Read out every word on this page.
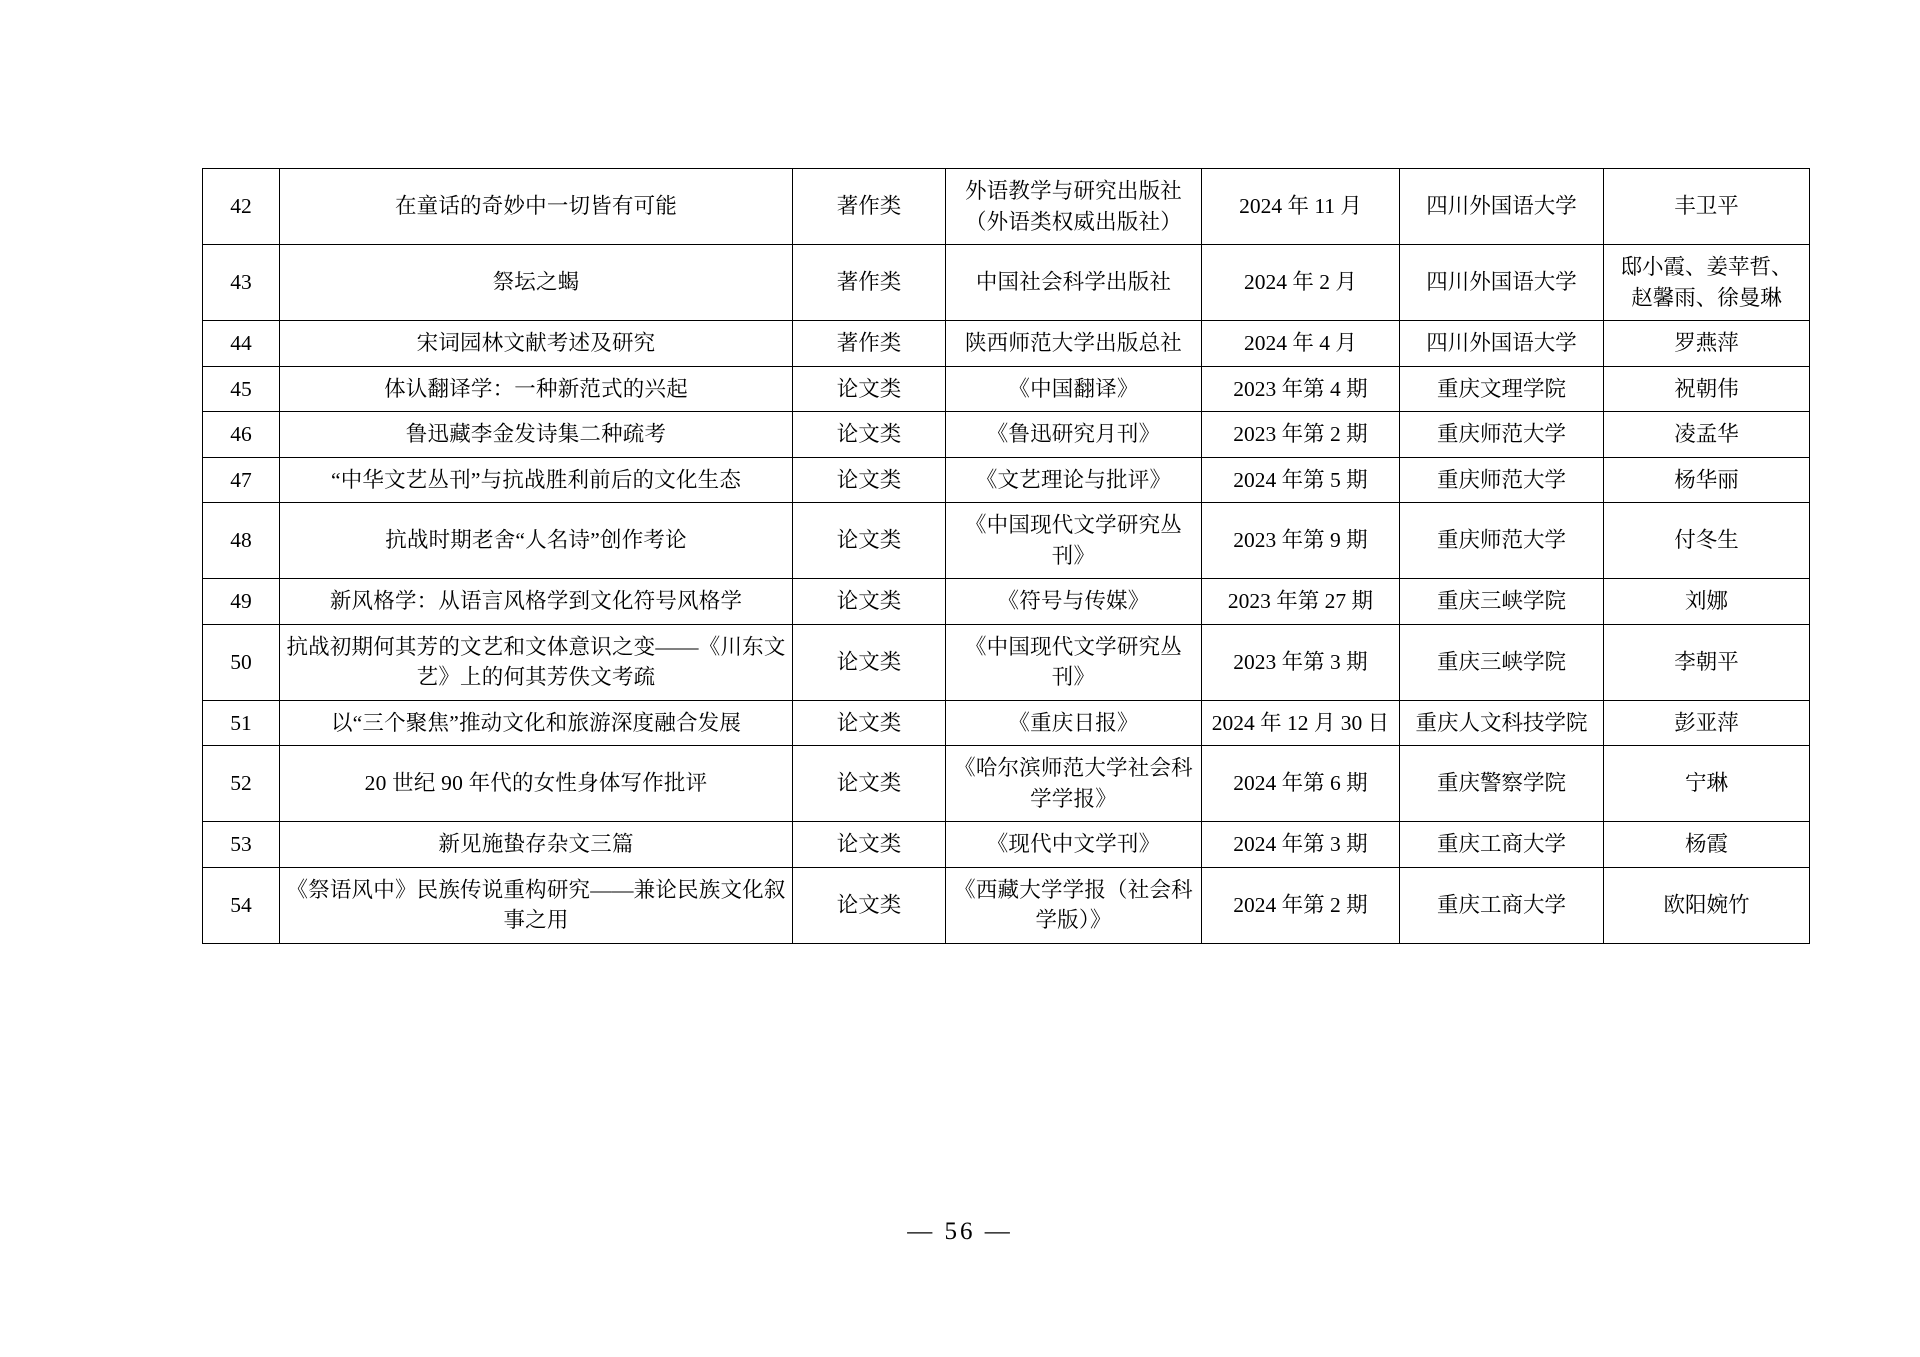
42	在童话的奇妙中一切皆有可能	著作类	外语教学与研究出版社（外语类权威出版社）	2024 年 11 月	四川外国语大学	丰卫平
43	祭坛之蝎	著作类	中国社会科学出版社	2024 年 2 月	四川外国语大学	邸小霞、姜苹哲、赵馨雨、徐曼琳
44	宋词园林文献考述及研究	著作类	陕西师范大学出版总社	2024 年 4 月	四川外国语大学	罗燕萍
45	体认翻译学：一种新范式的兴起	论文类	《中国翻译》	2023 年第 4 期	重庆文理学院	祝朝伟
46	鲁迅藏李金发诗集二种疏考	论文类	《鲁迅研究月刊》	2023 年第 2 期	重庆师范大学	凌孟华
47	“中华文艺丛刊”与抗战胜利前后的文化生态	论文类	《文艺理论与批评》	2024 年第 5 期	重庆师范大学	杨华丽
48	抗战时期老舍“人名诗”创作考论	论文类	《中国现代文学研究丛刊》	2023 年第 9 期	重庆师范大学	付冬生
49	新风格学：从语言风格学到文化符号风格学	论文类	《符号与传媒》	2023 年第 27 期	重庆三峡学院	刘娜
50	抗战初期何其芳的文艺和文体意识之变——《川东文艺》上的何其芳佚文考疏	论文类	《中国现代文学研究丛刊》	2023 年第 3 期	重庆三峡学院	李朝平
51	以“三个聚焦”推动文化和旅游深度融合发展	论文类	《重庆日报》	2024 年 12 月 30 日	重庆人文科技学院	彭亚萍
52	20 世纪 90 年代的女性身体写作批评	论文类	《哈尔滨师范大学社会科学学报》	2024 年第 6 期	重庆警察学院	宁琳
53	新见施蛰存杂文三篇	论文类	《现代中文学刊》	2024 年第 3 期	重庆工商大学	杨霞
54	《祭语风中》民族传说重构研究——兼论民族文化叙事之用	论文类	《西藏大学学报（社会科学版）》	2024 年第 2 期	重庆工商大学	欧阳婉竹
— 56 —
